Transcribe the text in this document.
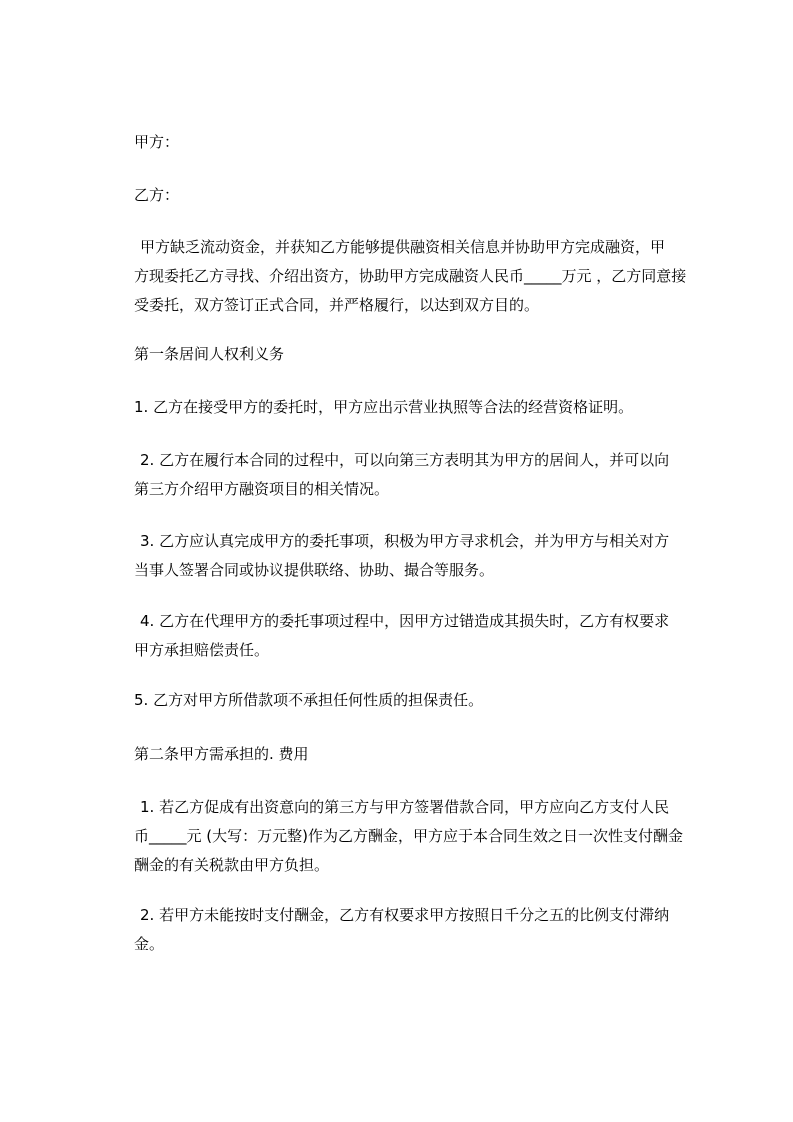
甲方：

乙方：

甲方缺乏流动资金，并获知乙方能够提供融资相关信息并协助甲方完成融资，甲
方现委托乙方寻找、介绍出资方，协助甲方完成融资人民币_____万元 ，乙方同意接
受委托，双方签订正式合同，并严格履行，以达到双方目的。

第一条居间人权利义务

1. 乙方在接受甲方的委托时，甲方应出示营业执照等合法的经营资格证明。
2. 乙方在履行本合同的过程中，可以向第三方表明其为甲方的居间人，并可以向
第三方介绍甲方融资项目的相关情况。
3. 乙方应认真完成甲方的委托事项，积极为甲方寻求机会，并为甲方与相关对方
当事人签署合同或协议提供联络、协助、撮合等服务。
4. 乙方在代理甲方的委托事项过程中，因甲方过错造成其损失时，乙方有权要求
甲方承担赔偿责任。
5. 乙方对甲方所借款项不承担任何性质的担保责任。

第二条甲方需承担的. 费用

1. 若乙方促成有出资意向的第三方与甲方签署借款合同，甲方应向乙方支付人民
币_____元 (大写：万元整)作为乙方酬金，甲方应于本合同生效之日一次性支付酬金
酬金的有关税款由甲方负担。
2. 若甲方未能按时支付酬金，乙方有权要求甲方按照日千分之五的比例支付滞纳
金。
